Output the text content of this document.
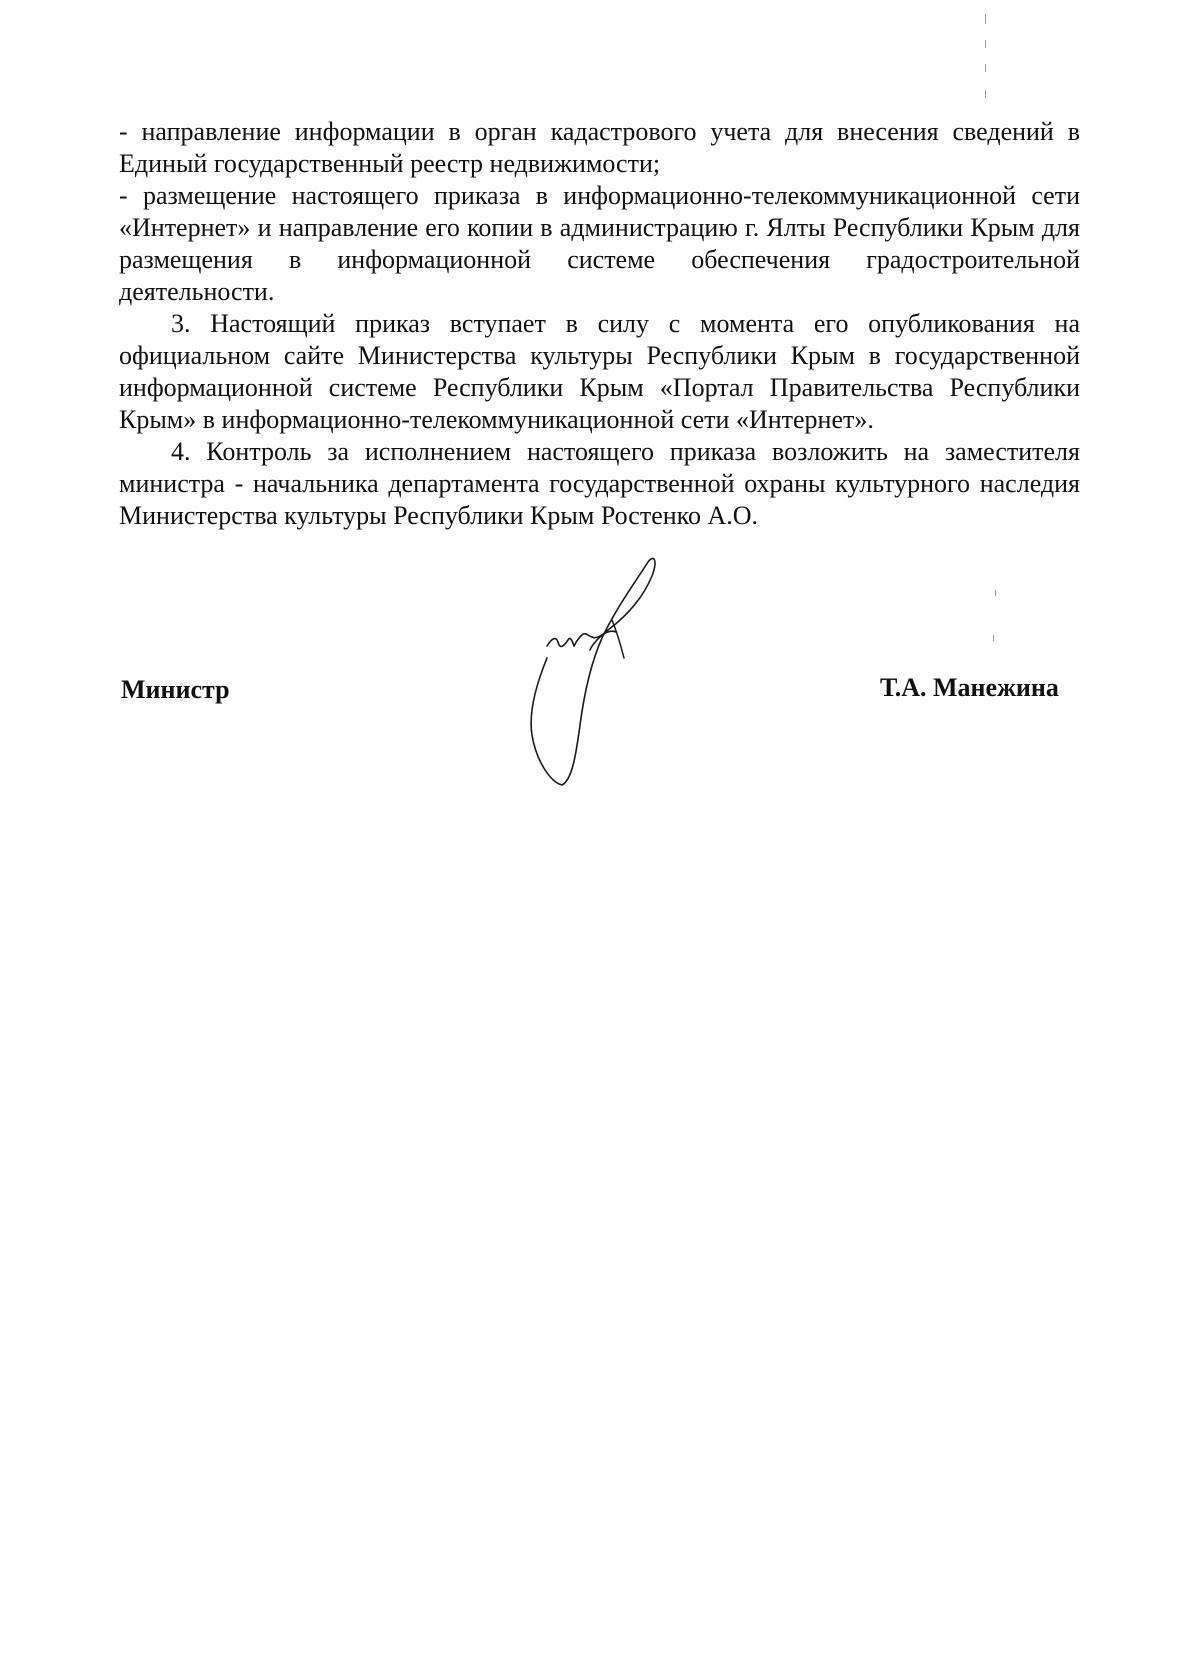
- направление информации в орган кадастрового учета для внесения сведений в Единый государственный реестр недвижимости;

- размещение настоящего приказа в информационно-телекоммуникационной сети «Интернет» и направление его копии в администрацию г. Ялты Республики Крым для размещения в информационной системе обеспечения градостроительной деятельности.

3. Настоящий приказ вступает в силу с момента его опубликования на официальном сайте Министерства культуры Республики Крым в государственной информационной системе Республики Крым «Портал Правительства Республики Крым» в информационно-телекоммуникационной сети «Интернет».

4. Контроль за исполнением настоящего приказа возложить на заместителя министра - начальника департамента государственной охраны культурного наследия Министерства культуры Республики Крым Ростенко А.О.

Министр	Т.А. Манежина
